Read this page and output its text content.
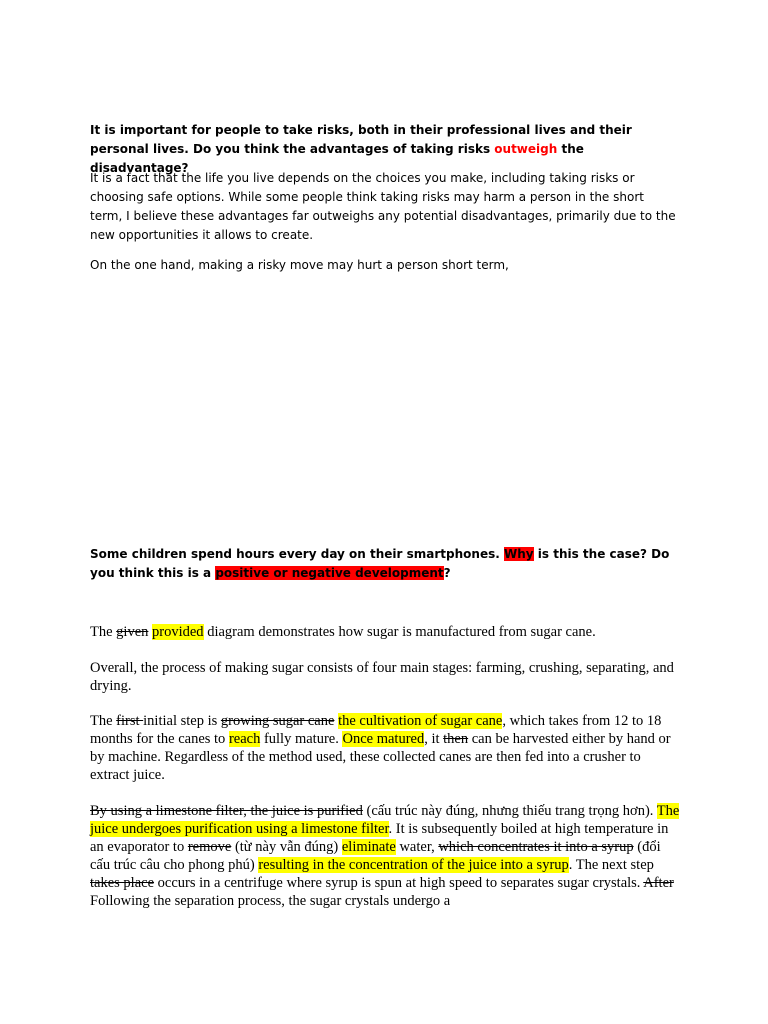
It is important for people to take risks, both in their professional lives and their personal lives. Do you think the advantages of taking risks outweigh the disadvantage?
It is a fact that the life you live depends on the choices you make, including taking risks or choosing safe options. While some people think taking risks may harm a person in the short term, I believe these advantages far outweighs any potential disadvantages, primarily due to the new opportunities it allows to create.
On the one hand, making a risky move may hurt a person short term,
Some children spend hours every day on their smartphones. Why is this the case? Do you think this is a positive or negative development?
The given provided diagram demonstrates how sugar is manufactured from sugar cane.
Overall, the process of making sugar consists of four main stages: farming, crushing, separating, and drying.
The first initial step is growing sugar cane the cultivation of sugar cane, which takes from 12 to 18 months for the canes to reach fully mature. Once matured, it then can be harvested either by hand or by machine. Regardless of the method used, these collected canes are then fed into a crusher to extract juice.
By using a limestone filter, the juice is purified (cấu trúc này đúng, nhưng thiếu trang trọng hơn). The juice undergoes purification using a limestone filter. It is subsequently boiled at high temperature in an evaporator to remove (từ này vẫn đúng) eliminate water, which concentrates it into a syrup (đổi cấu trúc câu cho phong phú) resulting in the concentration of the juice into a syrup. The next step takes place occurs in a centrifuge where syrup is spun at high speed to separates sugar crystals. After Following the separation process, the sugar crystals undergo a
